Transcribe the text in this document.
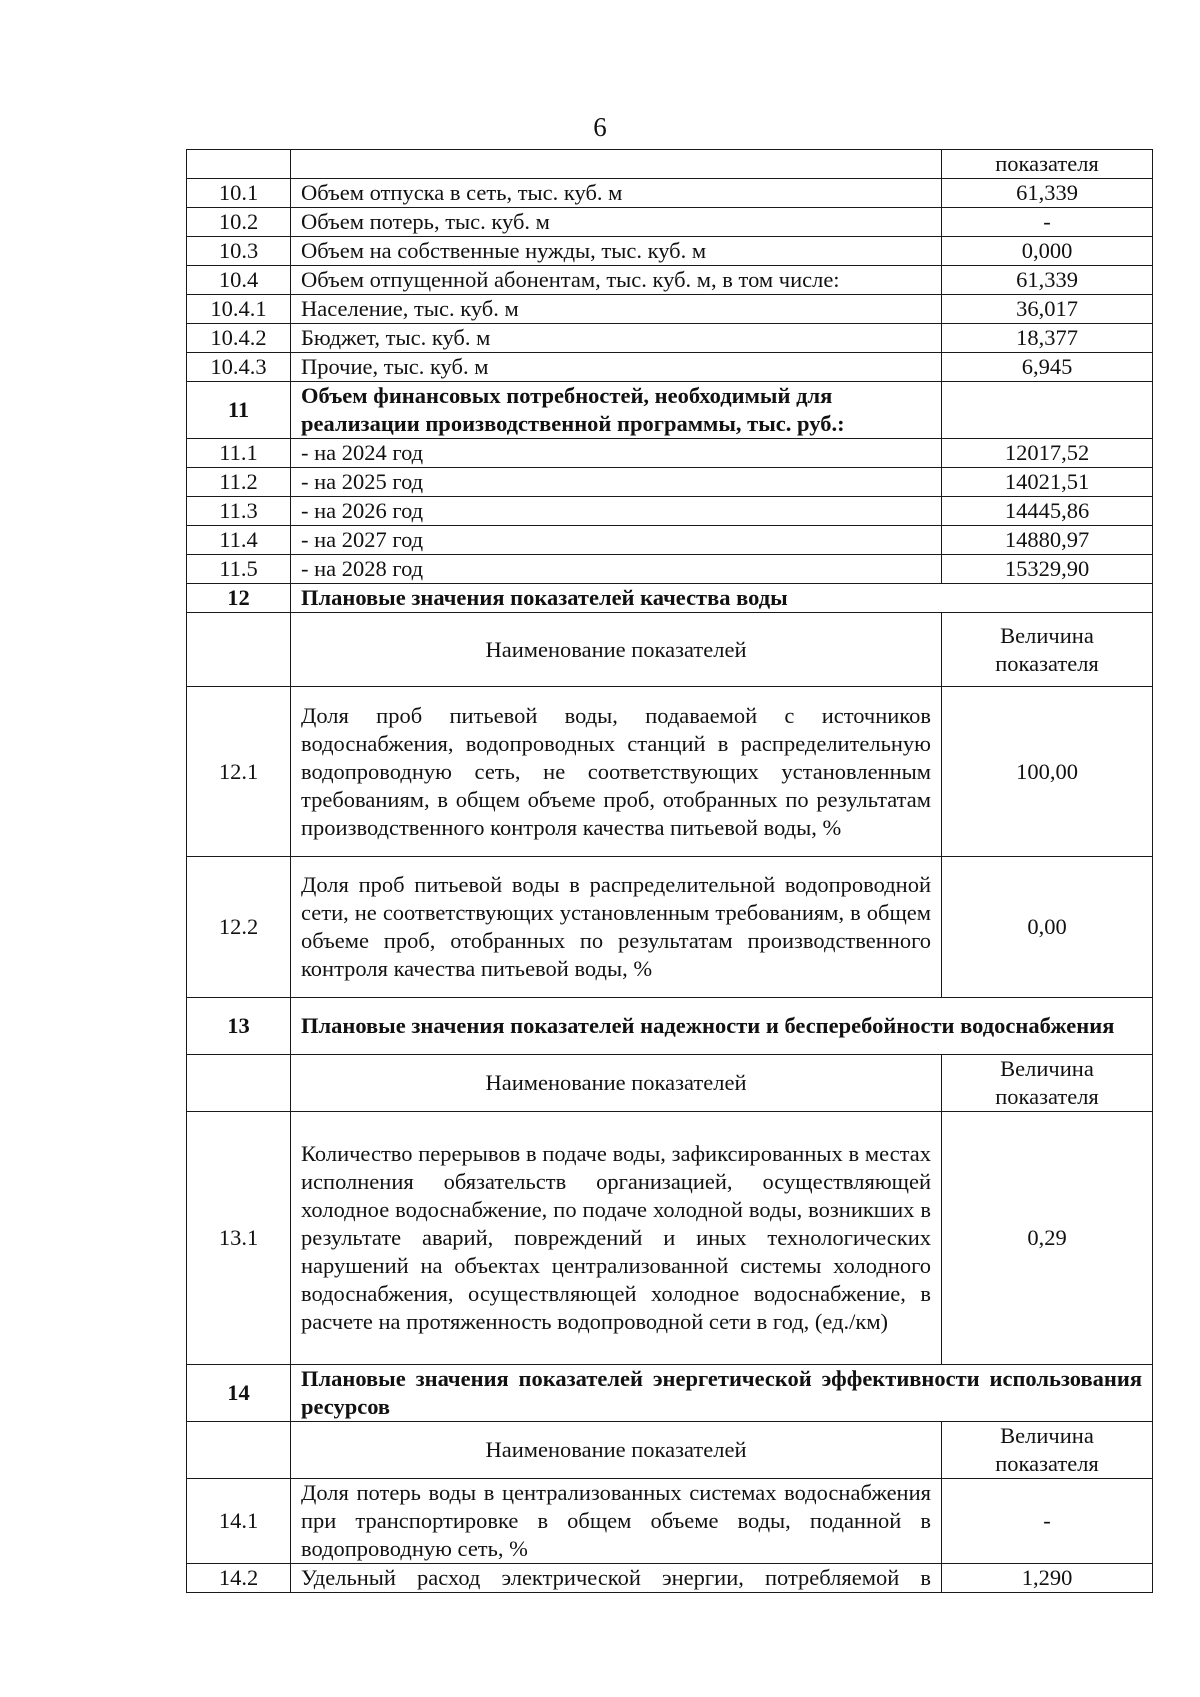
6
		показателя
10.1	Объем отпуска в сеть, тыс. куб. м	61,339
10.2	Объем потерь, тыс. куб. м	-
10.3	Объем на собственные нужды, тыс. куб. м	0,000
10.4	Объем отпущенной абонентам, тыс. куб. м, в том числе:	61,339
10.4.1	Население, тыс. куб. м	36,017
10.4.2	Бюджет, тыс. куб. м	18,377
10.4.3	Прочие, тыс. куб. м	6,945
11	Объем финансовых потребностей, необходимый для реализации производственной программы, тыс. руб.:	
11.1	- на 2024 год	12017,52
11.2	- на 2025 год	14021,51
11.3	- на 2026 год	14445,86
11.4	- на 2027 год	14880,97
11.5	- на 2028 год	15329,90
12	Плановые значения показателей качества воды	
	Наименование показателей	Величина показателя
12.1	Доля проб питьевой воды, подаваемой с источников водоснабжения, водопроводных станций в распределительную водопроводную сеть, не соответствующих установленным требованиям, в общем объеме проб, отобранных по результатам производственного контроля качества питьевой воды, %	100,00
12.2	Доля проб питьевой воды в распределительной водопроводной сети, не соответствующих установленным требованиям, в общем объеме проб, отобранных по результатам производственного контроля качества питьевой воды, %	0,00
13	Плановые значения показателей надежности и бесперебойности водоснабжения	
	Наименование показателей	Величина показателя
13.1	Количество перерывов в подаче воды, зафиксированных в местах исполнения обязательств организацией, осуществляющей холодное водоснабжение, по подаче холодной воды, возникших в результате аварий, повреждений и иных технологических нарушений на объектах централизованной системы холодного водоснабжения, осуществляющей холодное водоснабжение, в расчете на протяженность водопроводной сети в год, (ед./км)	0,29
14	Плановые значения показателей энергетической эффективности использования ресурсов	
	Наименование показателей	Величина показателя
14.1	Доля потерь воды в централизованных системах водоснабжения при транспортировке в общем объеме воды, поданной в водопроводную сеть, %	-
14.2	Удельный расход электрической энергии, потребляемой в	1,290
